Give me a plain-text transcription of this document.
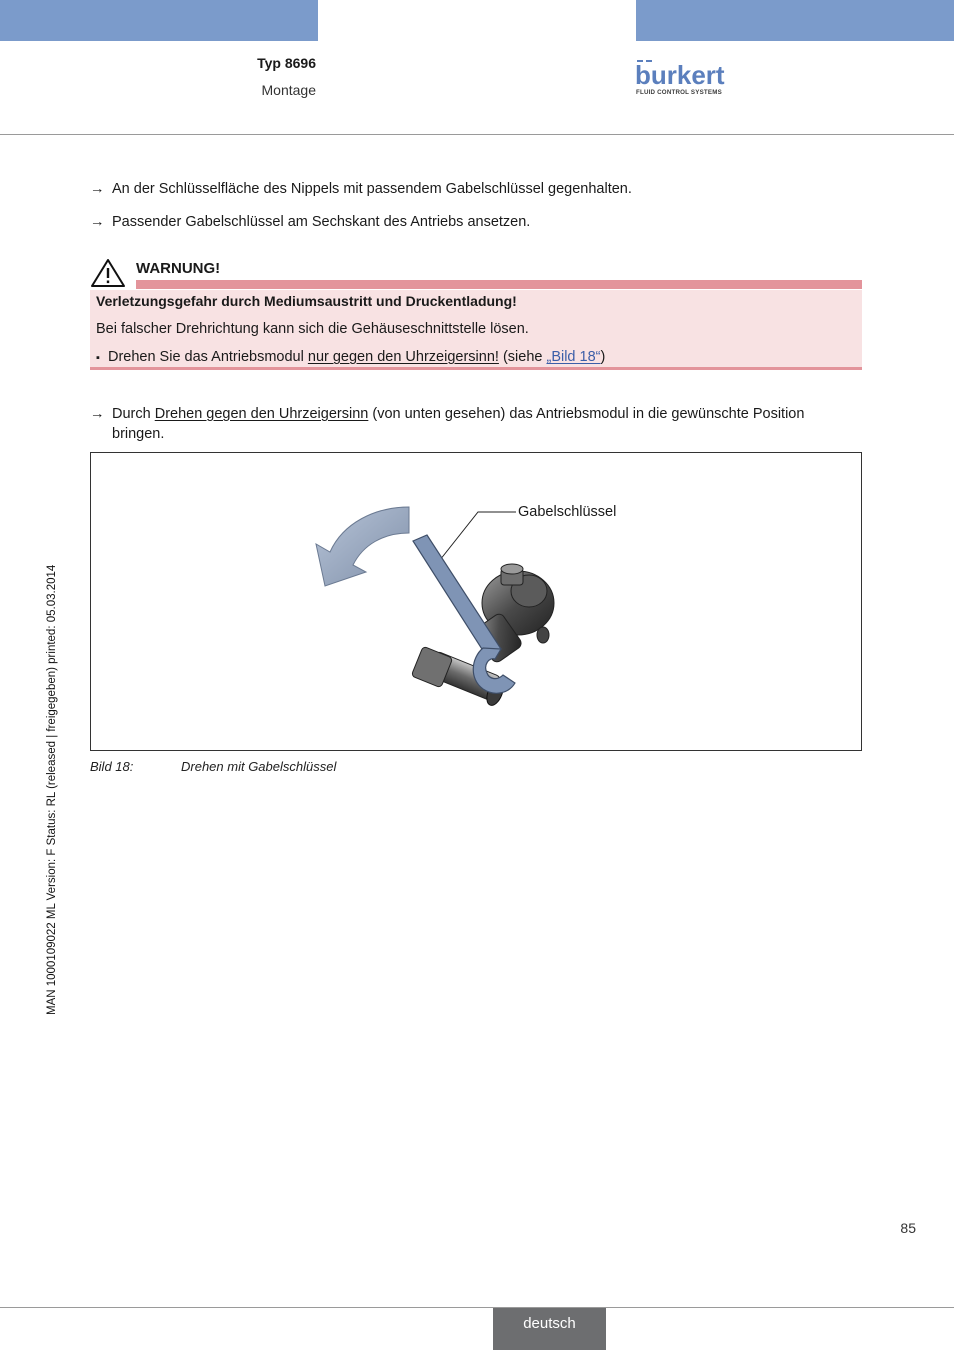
Typ 8696
Montage	burkert
FLUID CONTROL SYSTEMS
→ An der Schlüsselfläche des Nippels mit passendem Gabelschlüssel gegenhalten.
→ Passender Gabelschlüssel am Sechskant des Antriebs ansetzen.
WARNUNG!
Verletzungsgefahr durch Mediumsaustritt und Druckentladung!
Bei falscher Drehrichtung kann sich die Gehäuseschnittstelle lösen.
▪ Drehen Sie das Antriebsmodul nur gegen den Uhrzeigersinn! (siehe „Bild 18“)
→ Durch Drehen gegen den Uhrzeigersinn (von unten gesehen) das Antriebsmodul in die gewünschte Position
bringen.
Gabelschlüssel
Bild 18:	Drehen mit Gabelschlüssel
MAN 1000109022 ML Version: F Status: RL (released | freigegeben) printed: 05.03.2014
85
deutsch
